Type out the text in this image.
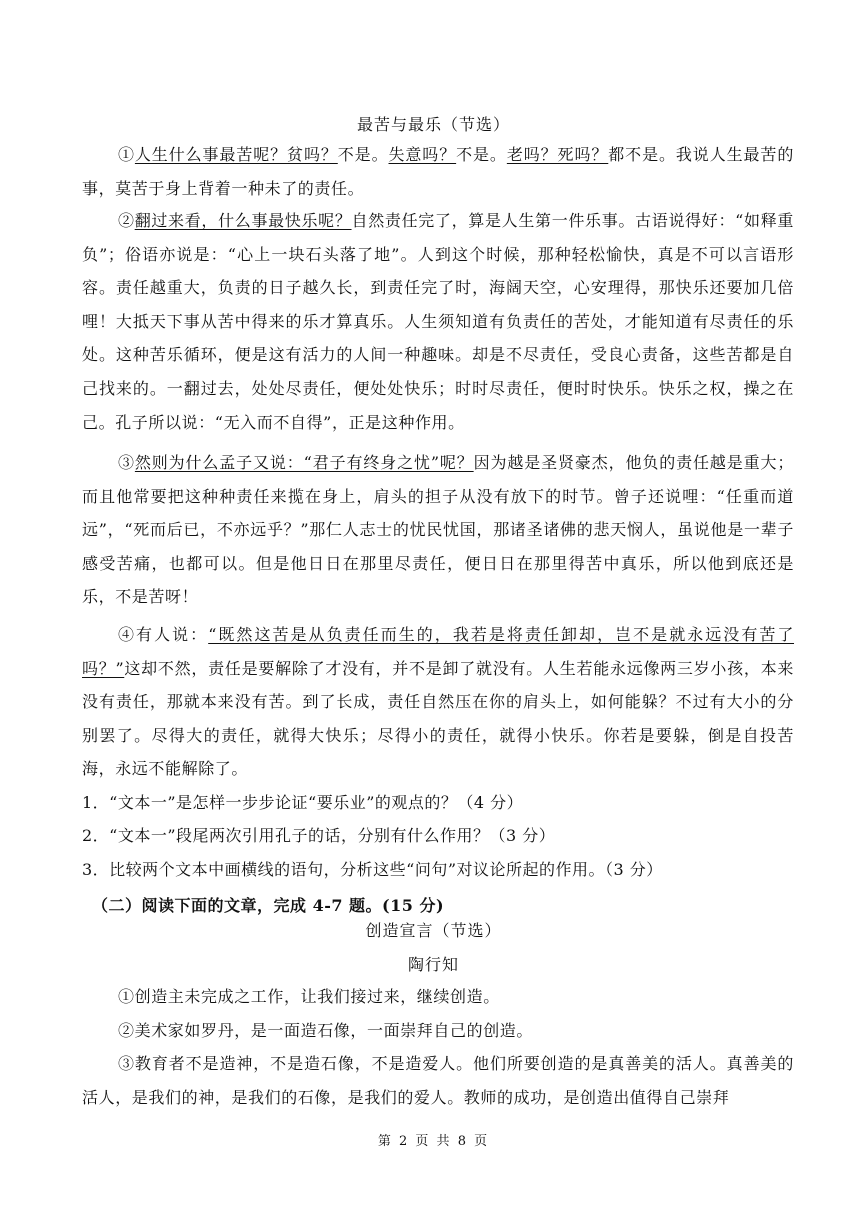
最苦与最乐（节选）
①人生什么事最苦呢？贫吗？不是。失意吗？不是。老吗？死吗？都不是。我说人生最苦的事，莫苦于身上背着一种未了的责任。
②翻过来看，什么事最快乐呢？自然责任完了，算是人生第一件乐事。古语说得好：“如释重负”；俗语亦说是：“心上一块石头落了地”。人到这个时候，那种轻松愉快，真是不可以言语形容。责任越重大，负责的日子越久长，到责任完了时，海阔天空，心安理得，那快乐还要加几倍哩！大抵天下事从苦中得来的乐才算真乐。人生须知道有负责任的苦处，才能知道有尽责任的乐处。这种苦乐循环，便是这有活力的人间一种趣味。却是不尽责任，受良心责备，这些苦都是自己找来的。一翻过去，处处尽责任，便处处快乐；时时尽责任，便时时快乐。快乐之权，操之在己。孔子所以说：“无入而不自得”，正是这种作用。
③然则为什么孟子又说：“君子有终身之忧”呢？因为越是圣贤豪杰，他负的责任越是重大；而且他常要把这种种责任来揽在身上，肩头的担子从没有放下的时节。曾子还说哩：“任重而道远”，“死而后已，不亦远乎？”那仁人志士的忧民忧国，那诸圣诸佛的悲天悯人，虽说他是一辈子感受苦痛，也都可以。但是他日日在那里尽责任，便日日在那里得苦中真乐，所以他到底还是乐，不是苦呀！
④有人说：“既然这苦是从负责任而生的，我若是将责任卸却，岂不是就永远没有苦了吗？”这却不然，责任是要解除了才没有，并不是卸了就没有。人生若能永远像两三岁小孩，本来没有责任，那就本来没有苦。到了长成，责任自然压在你的肩头上，如何能躲？不过有大小的分别罢了。尽得大的责任，就得大快乐；尽得小的责任，就得小快乐。你若是要躲，倒是自投苦海，永远不能解除了。
1．“文本一”是怎样一步步论证“要乐业”的观点的？（4 分）
2．“文本一”段尾两次引用孔子的话，分别有什么作用？（3 分）
3．比较两个文本中画横线的语句，分析这些“问句”对议论所起的作用。（3 分）
（二）阅读下面的文章，完成 4-7 题。(15 分)
创造宣言（节选）
陶行知
①创造主未完成之工作，让我们接过来，继续创造。
②美术家如罗丹，是一面造石像，一面崇拜自己的创造。
③教育者不是造神，不是造石像，不是造爱人。他们所要创造的是真善美的活人。真善美的活人，是我们的神，是我们的石像，是我们的爱人。教师的成功，是创造出值得自己崇拜
第 2 页 共 8 页
